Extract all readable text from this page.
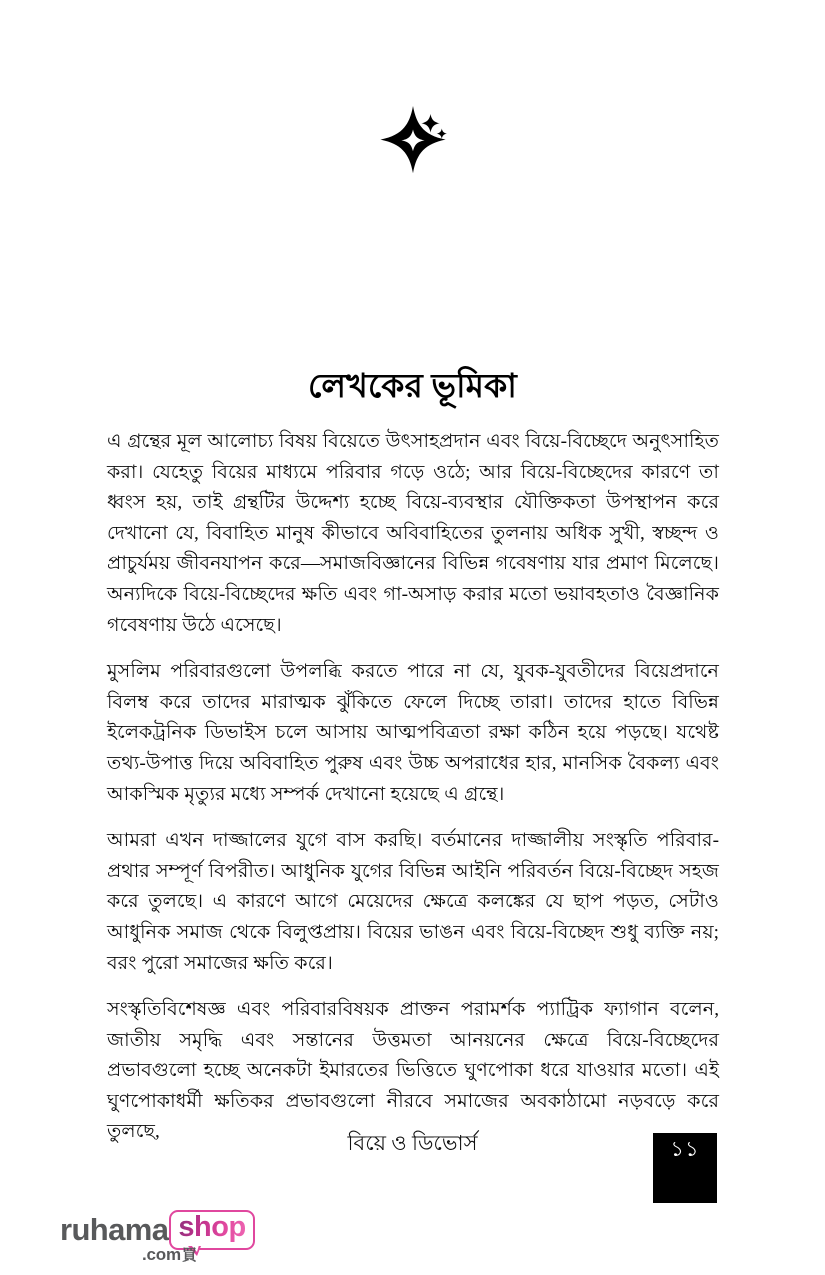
লেখকের ভূমিকা

এ গ্রন্থের মূল আলোচ্য বিষয় বিয়েতে উৎসাহপ্রদান এবং বিয়ে-বিচ্ছেদে অনুৎসাহিত করা। যেহেতু বিয়ের মাধ্যমে পরিবার গড়ে ওঠে; আর বিয়ে-বিচ্ছেদের কারণে তা ধ্বংস হয়, তাই গ্রন্থটির উদ্দেশ্য হচ্ছে বিয়ে-ব্যবস্থার যৌক্তিকতা উপস্থাপন করে দেখানো যে, বিবাহিত মানুষ কীভাবে অবিবাহিতের তুলনায় অধিক সুখী, স্বচ্ছন্দ ও প্রাচুর্যময় জীবনযাপন করে—সমাজবিজ্ঞানের বিভিন্ন গবেষণায় যার প্রমাণ মিলেছে। অন্যদিকে বিয়ে-বিচ্ছেদের ক্ষতি এবং গা-অসাড় করার মতো ভয়াবহতাও বৈজ্ঞানিক গবেষণায় উঠে এসেছে।

মুসলিম পরিবারগুলো উপলব্ধি করতে পারে না যে, যুবক-যুবতীদের বিয়েপ্রদানে বিলম্ব করে তাদের মারাত্মক ঝুঁকিতে ফেলে দিচ্ছে তারা। তাদের হাতে বিভিন্ন ইলেকট্রনিক ডিভাইস চলে আসায় আত্মপবিত্রতা রক্ষা কঠিন হয়ে পড়ছে। যথেষ্ট তথ্য-উপাত্ত দিয়ে অবিবাহিত পুরুষ এবং উচ্চ অপরাধের হার, মানসিক বৈকল্য এবং আকস্মিক মৃত্যুর মধ্যে সম্পর্ক দেখানো হয়েছে এ গ্রন্থে।

আমরা এখন দাজ্জালের যুগে বাস করছি। বর্তমানের দাজ্জালীয় সংস্কৃতি পরিবার-প্রথার সম্পূর্ণ বিপরীত। আধুনিক যুগের বিভিন্ন আইনি পরিবর্তন বিয়ে-বিচ্ছেদ সহজ করে তুলছে। এ কারণে আগে মেয়েদের ক্ষেত্রে কলঙ্কের যে ছাপ পড়ত, সেটাও আধুনিক সমাজ থেকে বিলুপ্তপ্রায়। বিয়ের ভাঙন এবং বিয়ে-বিচ্ছেদ শুধু ব্যক্তি নয়; বরং পুরো সমাজের ক্ষতি করে।

সংস্কৃতিবিশেষজ্ঞ এবং পরিবারবিষয়ক প্রাক্তন পরামর্শক প্যাট্রিক ফ্যাগান বলেন, জাতীয় সমৃদ্ধি এবং সন্তানের উত্তমতা আনয়নের ক্ষেত্রে বিয়ে-বিচ্ছেদের প্রভাবগুলো হচ্ছে অনেকটা ইমারতের ভিত্তিতে ঘুণপোকা ধরে যাওয়ার মতো। এই ঘুণপোকাধর্মী ক্ষতিকর প্রভাবগুলো নীরবে সমাজের অবকাঠামো নড়বড়ে করে তুলছে,	বিয়ে ও ডিভোর্স	১১
ruhama shop
.com 買
